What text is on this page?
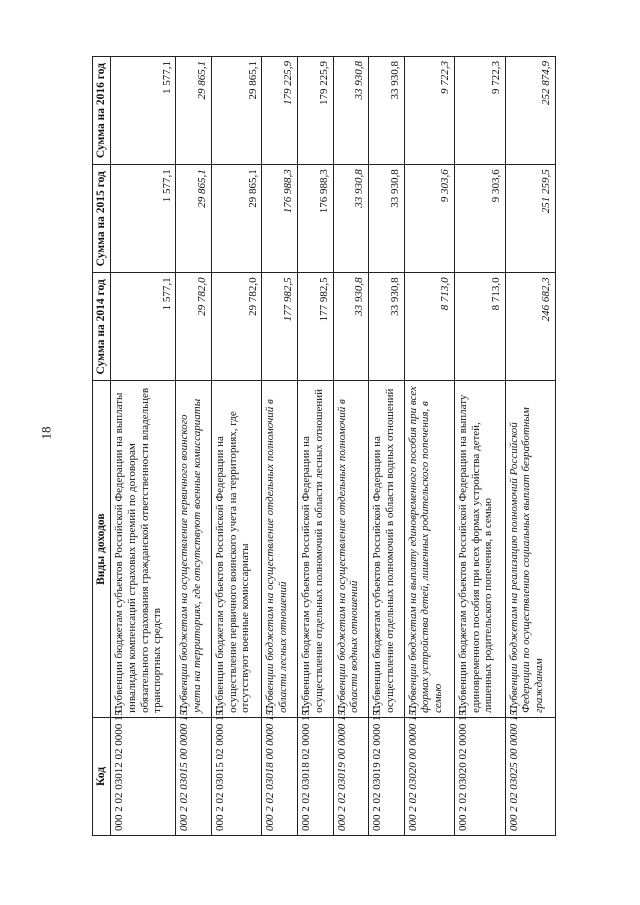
18
Код	Виды доходов	Сумма на 2014 год	Сумма на 2015 год	Сумма на 2016 год
000 2 02 03012 02 0000 151	Субвенции бюджетам субъектов Российской Федерации на выплаты инвалидам компенсаций страховых премий по договорам обязательного страхования гражданской ответственности владельцев транспортных средств	1 577,1	1 577,1	1 577,1
000 2 02 03015 00 0000 151	Субвенции бюджетам на осуществление первичного воинского учета на территориях, где отсутствуют военные комиссариаты	29 782,0	29 865,1	29 865,1
000 2 02 03015 02 0000 151	Субвенции бюджетам субъектов Российской Федерации на осуществление первичного воинского учета на территориях, где отсутствуют военные комиссариаты	29 782,0	29 865,1	29 865,1
000 2 02 03018 00 0000 151	Субвенции бюджетам на осуществление отдельных полномочий в области лесных отношений	177 982,5	176 988,3	179 225,9
000 2 02 03018 02 0000 151	Субвенции бюджетам субъектов Российской Федерации на осуществление отдельных полномочий в области лесных отношений	177 982,5	176 988,3	179 225,9
000 2 02 03019 00 0000 151	Субвенции бюджетам на осуществление отдельных полномочий в области водных отношений	33 930,8	33 930,8	33 930,8
000 2 02 03019 02 0000 151	Субвенции бюджетам субъектов Российской Федерации на осуществление отдельных полномочий в области водных отношений	33 930,8	33 930,8	33 930,8
000 2 02 03020 00 0000 151	Субвенции бюджетам на выплату единовременного пособия при всех формах устройства детей, лишенных родительского попечения, в семью	8 713,0	9 303,6	9 722,3
000 2 02 03020 02 0000 151	Субвенции бюджетам субъектов Российской Федерации на выплату единовременного пособия при всех формах устройства детей, лишенных родительского попечения, в семью	8 713,0	9 303,6	9 722,3
000 2 02 03025 00 0000 151	Субвенции бюджетам на реализацию полномочий Российской Федерации по осуществлению социальных выплат безработным гражданам	246 682,3	251 259,5	252 874,9
